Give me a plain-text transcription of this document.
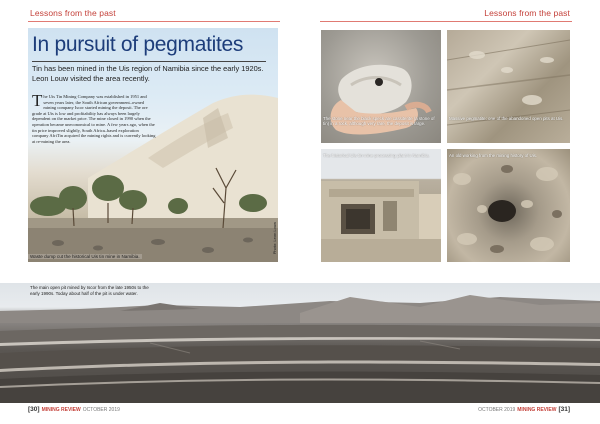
Lessons from the past	Lessons from the past
In pursuit of pegmatites
Tin has been mined in the Uis region of Namibia since the early 1920s. Leon Louw visited the area recently.
The Uis Tin Mining Company was established in 1951 and seven years later, the South African government–owned mining company Iscor started mining the deposit. The ore grade at Uis is low and profitability has always been largely dependent on the market price. The mine closed in 1990 when the operation became uneconomical to mine. A few years ago, when the tin price improved slightly, South Africa–based exploration company AfriTin acquired the mining rights and is currently looking at re-mining the area.
Waste dump cut the historical Uis tin mine in Namibia.
Photo: Leon Louw
The stone near the black speck are cassiterite (a stone of tin) in a rock, although very rare, the deposit is large.
Massive pegmatite: one of the abandoned open pits at Uis.
The historical Uis tin mine processing plant in Namibia.	An old working from the mining history of Uis.
The main open pit mined by Iscor from the late 1950s to the early 1990s. Today about half of the pit is under water.
[30] MINING REVIEW OCTOBER 2019	OCTOBER 2019 MINING REVIEW [31]
